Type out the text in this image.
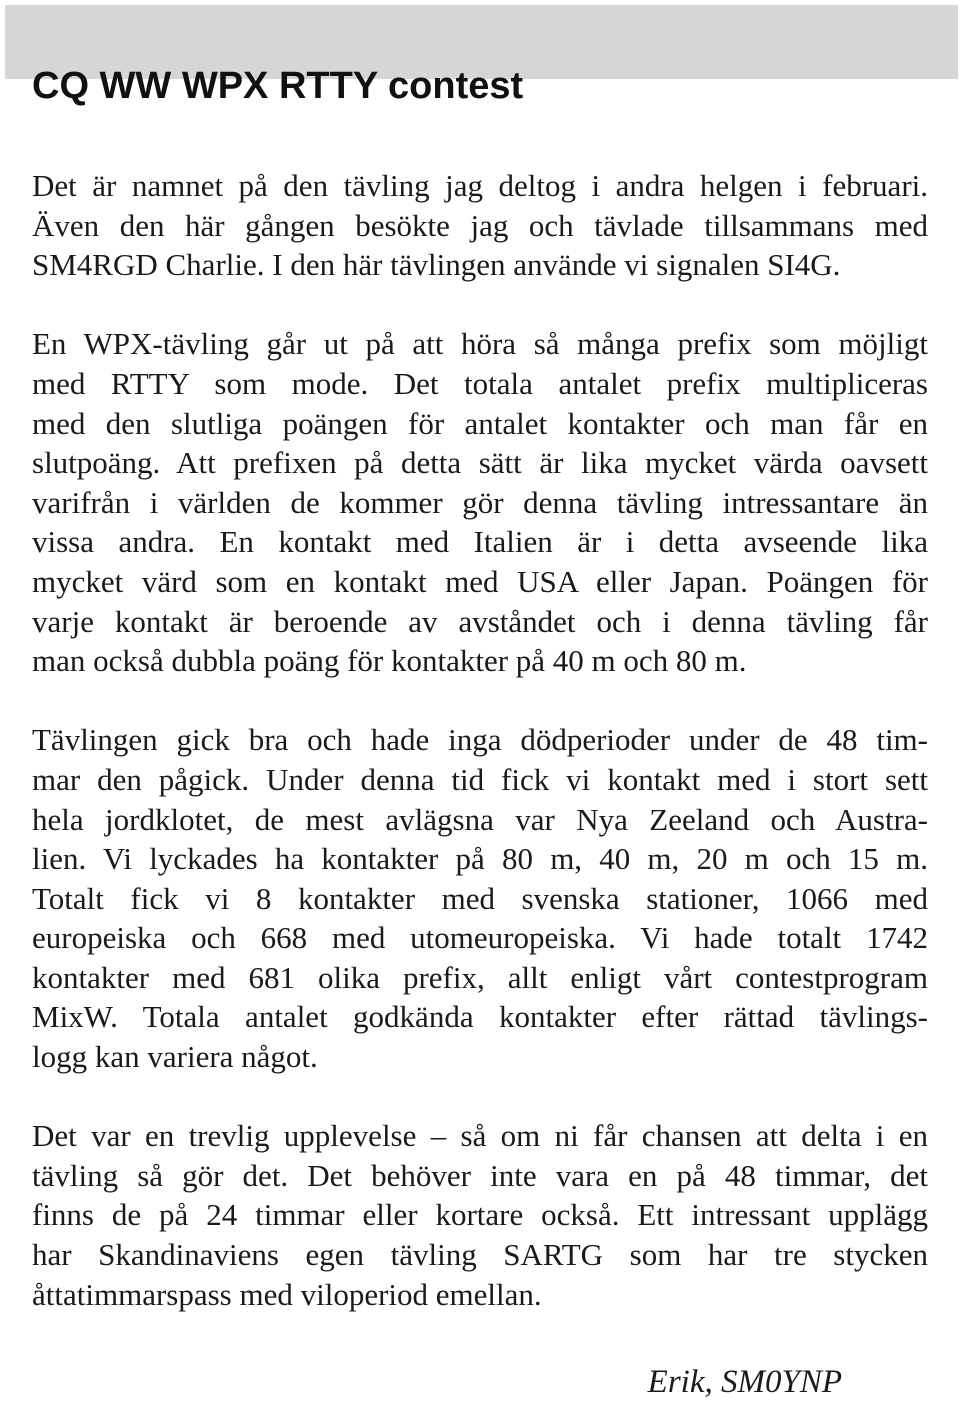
CQ WW WPX RTTY contest

Det är namnet på den tävling jag deltog i andra helgen i februari.
Även den här gången besökte jag och tävlade tillsammans med
SM4RGD Charlie. I den här tävlingen använde vi signalen SI4G.

En WPX-tävling går ut på att höra så många prefix som möjligt
med RTTY som mode. Det totala antalet prefix multipliceras
med den slutliga poängen för antalet kontakter och man får en
slutpoäng. Att prefixen på detta sätt är lika mycket värda oavsett
varifrån i världen de kommer gör denna tävling intressantare än
vissa andra. En kontakt med Italien är i detta avseende lika
mycket värd som en kontakt med USA eller Japan. Poängen för
varje kontakt är beroende av avståndet och i denna tävling får
man också dubbla poäng för kontakter på 40 m och 80 m.

Tävlingen gick bra och hade inga dödperioder under de 48 tim-
mar den pågick. Under denna tid fick vi kontakt med i stort sett
hela jordklotet, de mest avlägsna var Nya Zeeland och Austra-
lien. Vi lyckades ha kontakter på 80 m, 40 m, 20 m och 15 m.
Totalt fick vi 8 kontakter med svenska stationer, 1066 med
europeiska och 668 med utomeuropeiska. Vi hade totalt 1742
kontakter med 681 olika prefix, allt enligt vårt contestprogram
MixW. Totala antalet godkända kontakter efter rättad tävlings-
logg kan variera något.

Det var en trevlig upplevelse – så om ni får chansen att delta i en
tävling så gör det. Det behöver inte vara en på 48 timmar, det
finns de på 24 timmar eller kortare också. Ett intressant upplägg
har Skandinaviens egen tävling SARTG som har tre stycken
åttatimmarspass med viloperiod emellan.

Erik, SM0YNP
